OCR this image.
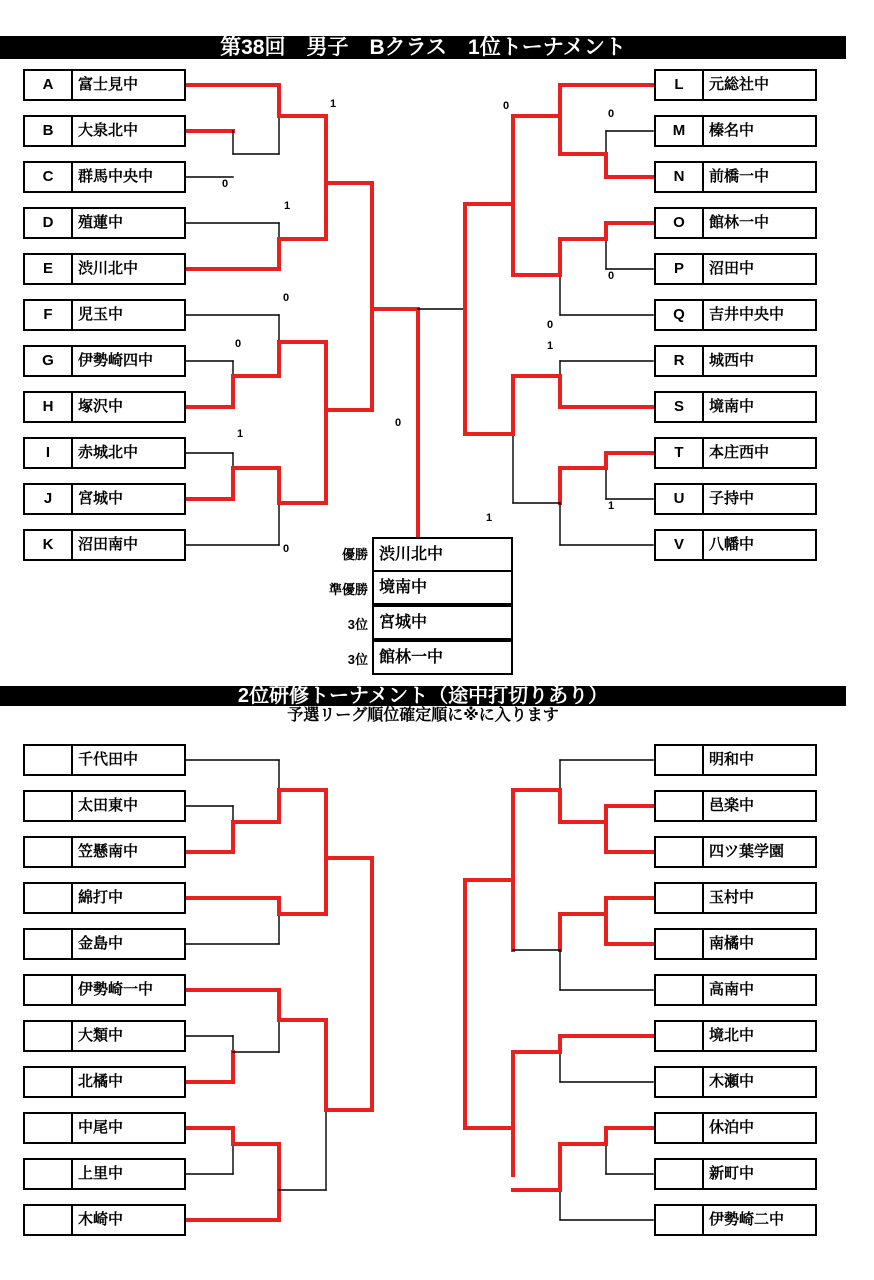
第38回　男子　Bクラス　1位トーナメント
2位研修トーナメント（途中打切りあり）
予選リーグ順位確定順に※に入ります
A	富士見中
B	大泉北中
C	群馬中央中
D	殖蓮中
E	渋川北中
F	児玉中
G	伊勢崎四中
H	塚沢中
I	赤城北中
J	宮城中
K	沼田南中
L	元総社中
M	榛名中
N	前橋一中
O	館林一中
P	沼田中
Q	吉井中央中
R	城西中
S	境南中
T	本庄西中
U	子持中
V	八幡中
千代田中
太田東中
笠懸南中
綿打中
金島中
伊勢崎一中
大類中
北橘中
中尾中
上里中
木崎中
明和中
邑楽中
四ツ葉学園
玉村中
南橘中
高南中
境北中
木瀬中
休泊中
新町中
伊勢崎二中
1
0
1
0
0
1
0
0
1
0
0
0
0
1
1
優勝 渋川北中
準優勝 境南中
3位 宮城中
3位 館林一中
